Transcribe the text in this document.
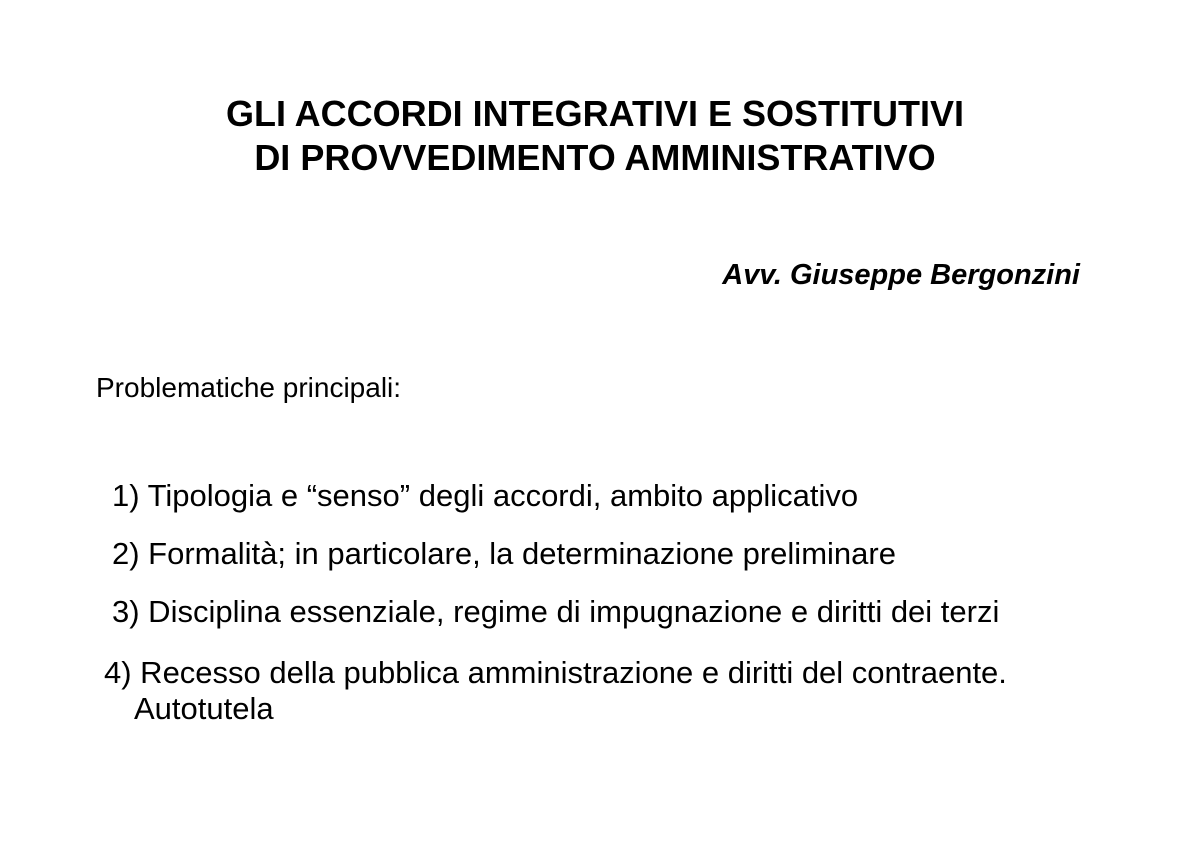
GLI ACCORDI INTEGRATIVI E SOSTITUTIVI
DI PROVVEDIMENTO AMMINISTRATIVO
Avv. Giuseppe Bergonzini
Problematiche principali:
1) Tipologia e “senso” degli accordi, ambito applicativo
2) Formalità; in particolare, la determinazione preliminare
3) Disciplina essenziale, regime di impugnazione e diritti dei terzi
4) Recesso della pubblica amministrazione e diritti del contraente.
Autotutela
